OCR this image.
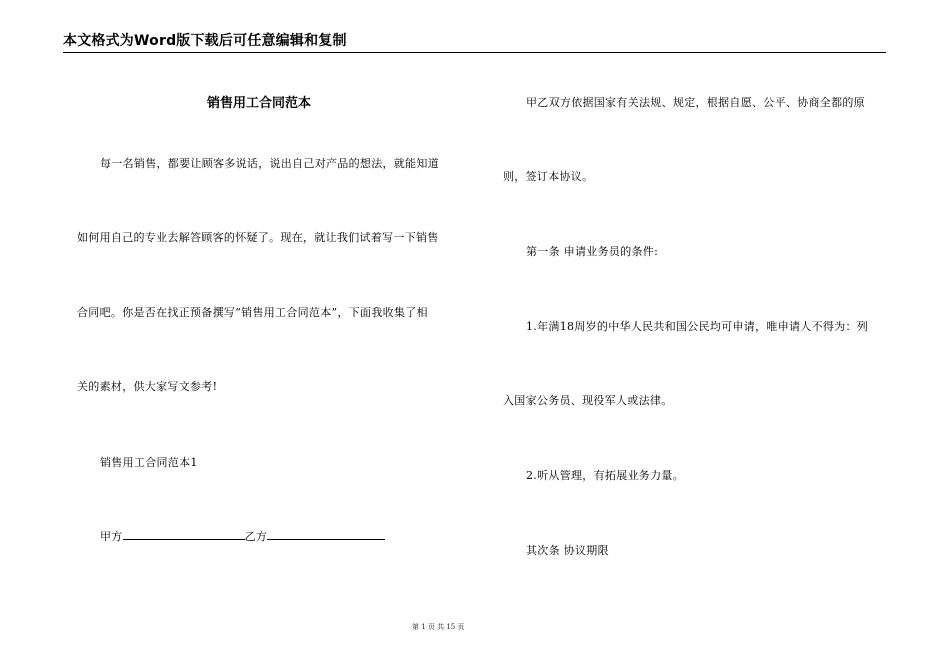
本文格式为Word版下载后可任意编辑和复制
销售用工合同范本
每一名销售，都要让顾客多说话，说出自己对产品的想法，就能知道
如何用自己的专业去解答顾客的怀疑了。现在，就让我们试着写一下销售
合同吧。你是否在找正预备撰写“销售用工合同范本”，下面我收集了相
关的素材，供大家写文参考!
销售用工合同范本1
甲方	乙方
甲乙双方依据国家有关法规、规定，根据自愿、公平、协商全都的原
则，签订本协议。
第一条 申请业务员的条件:
1.年满18周岁的中华人民共和国公民均可申请，唯申请人不得为：列
入国家公务员、现役军人或法律。
2.听从管理，有拓展业务力量。
其次条 协议期限
第 1 页 共 15 页
